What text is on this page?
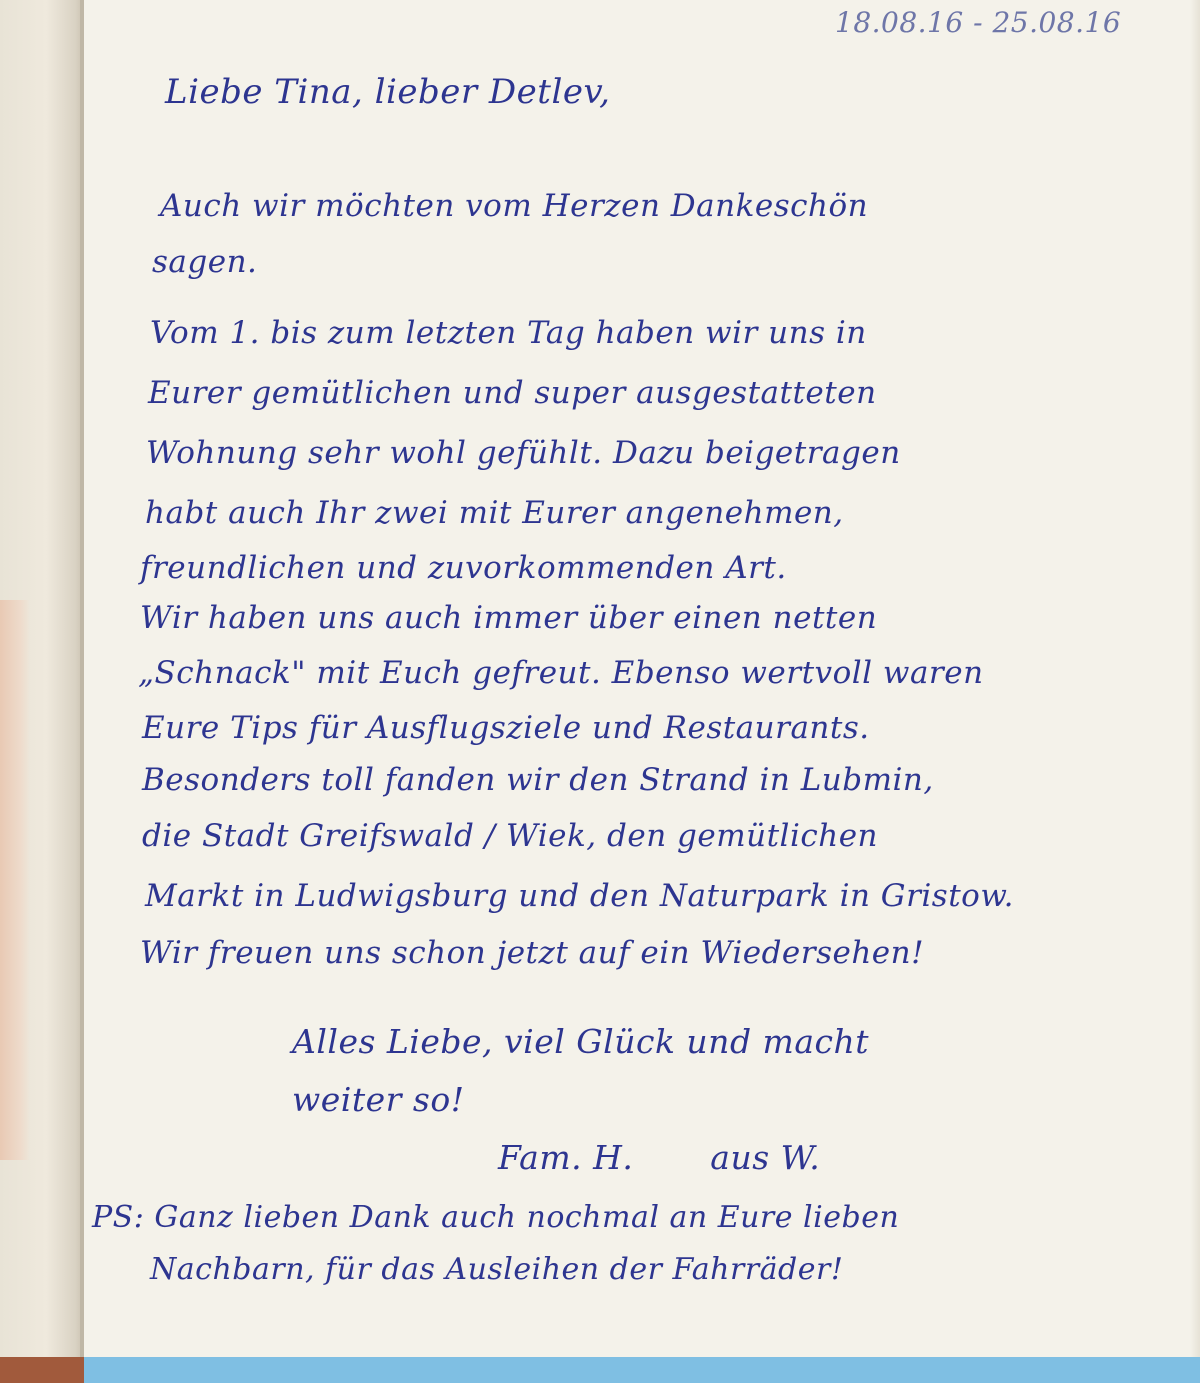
18.08.16 - 25.08.16
Liebe Tina, lieber Detlev,
Auch wir möchten vom Herzen Dankeschön
sagen.
Vom 1. bis zum letzten Tag haben wir uns in
Eurer gemütlichen und super ausgestatteten
Wohnung sehr wohl gefühlt. Dazu beigetragen
habt auch Ihr zwei mit Eurer angenehmen,
freundlichen und zuvorkommenden Art.
Wir haben uns auch immer über einen netten
„Schnack" mit Euch gefreut. Ebenso wertvoll waren
Eure Tips für Ausflugsziele und Restaurants.
Besonders toll fanden wir den Strand in Lubmin,
die Stadt Greifswald / Wiek, den gemütlichen
Markt in Ludwigsburg und den Naturpark in Gristow.
Wir freuen uns schon jetzt auf ein Wiedersehen!
Alles Liebe, viel Glück und macht
weiter so!
Fam. H.       aus W.
PS: Ganz lieben Dank auch nochmal an Eure lieben
Nachbarn, für das Ausleihen der Fahrräder!
